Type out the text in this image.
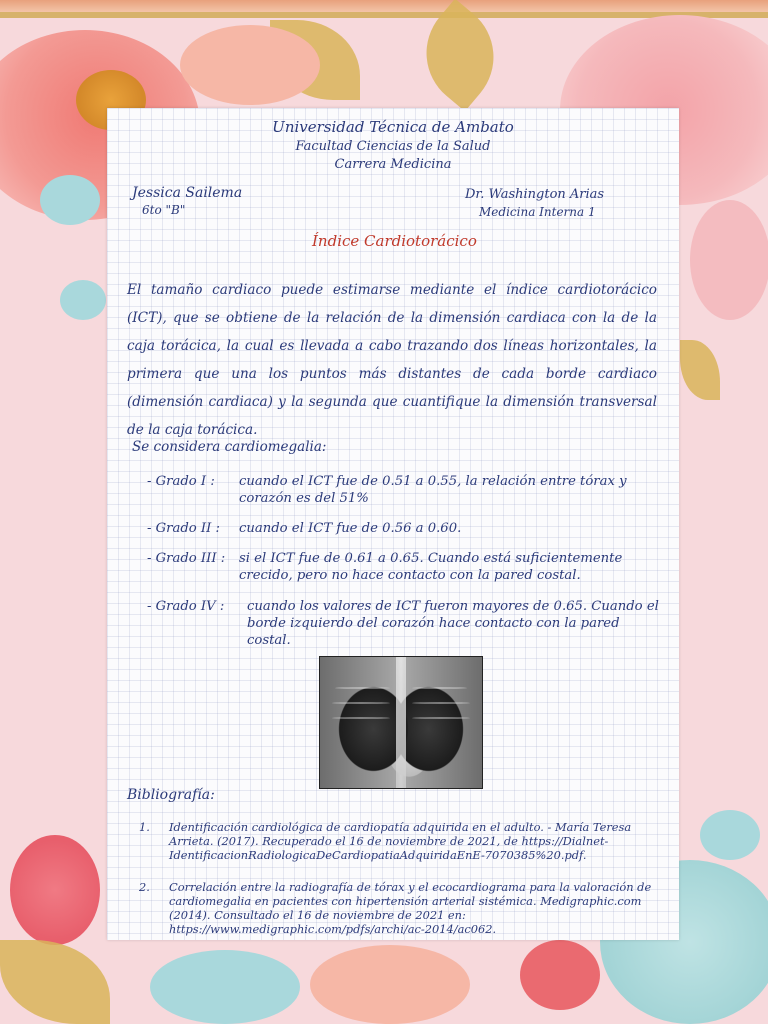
Universidad Técnica de Ambato
Facultad Ciencias de la Salud
Carrera Medicina
Jessica Sailema
6to "B"
Dr. Washington Arias
Medicina Interna 1
Índice Cardiotorácico
El tamaño cardiaco puede estimarse mediante el índice cardiotorácico (ICT), que se obtiene de la relación de la dimensión cardiaca con la de la caja torácica, la cual es llevada a cabo trazando dos líneas horizontales, la primera que una los puntos más distantes de cada borde cardiaco (dimensión cardiaca) y la segunda que cuantifique la dimensión transversal de la caja torácica.
Se considera cardiomegalia:
- Grado I : cuando el ICT fue de 0.51 a 0.55, la relación entre tórax y corazón es del 51%
- Grado II : cuando el ICT fue de 0.56 a 0.60.
- Grado III : si el ICT fue de 0.61 a 0.65. Cuando está suficientemente crecido, pero no hace contacto con la pared costal.
- Grado IV : cuando los valores de ICT fueron mayores de 0.65. Cuando el borde izquierdo del corazón hace contacto con la pared costal.
Bibliografía:
1. Identificación cardiológica de cardiopatía adquirida en el adulto. - María Teresa Arrieta. (2017). Recuperado el 16 de noviembre de 2021, de https://Dialnet-IdentificacionRadiologicaDeCardiopatiaAdquiridaEnE-7070385%20.pdf.
2. Correlación entre la radiografía de tórax y el ecocardiograma para la valoración de cardiomegalia en pacientes con hipertensión arterial sistémica. Medigraphic.com (2014). Consultado el 16 de noviembre de 2021 en: https://www.medigraphic.com/pdfs/archi/ac-2014/ac062.
